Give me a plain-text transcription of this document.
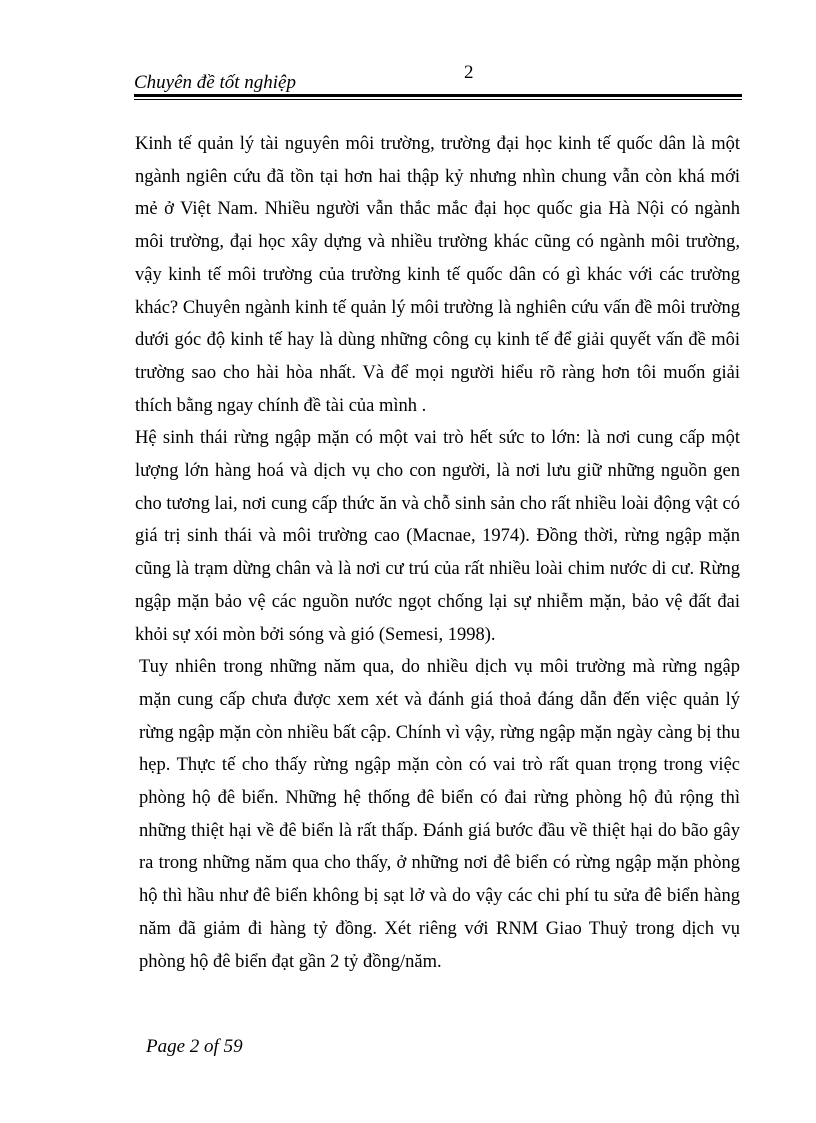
Chuyên đề tốt nghiệp	2

Kinh tế quản lý tài nguyên môi trường, trường đại học kinh tế quốc dân là một ngành ngiên cứu đã tồn tại hơn hai thập kỷ nhưng nhìn chung vẫn còn khá mới mẻ ở Việt Nam. Nhiều người vẫn thắc mắc đại học quốc gia Hà Nội có ngành môi trường, đại học xây dựng và nhiều trường khác cũng có ngành môi trường, vậy kinh tế môi trường của trường kinh tế quốc dân có gì khác với các trường khác? Chuyên ngành kinh tế quản lý môi trường là nghiên cứu vấn đề môi trường dưới góc độ kinh tế hay là dùng những công cụ kinh tế để giải quyết vấn đề môi trường sao cho hài hòa nhất. Và để mọi người hiểu rõ ràng hơn tôi muốn giải thích bằng ngay chính đề tài của mình .

Hệ sinh thái rừng ngập mặn có một vai trò hết sức to lớn: là nơi cung cấp một lượng lớn hàng hoá và dịch vụ cho con người, là nơi lưu giữ những nguồn gen cho tương lai, nơi cung cấp thức ăn và chỗ sinh sản cho rất nhiều loài động vật có giá trị sinh thái và môi trường cao (Macnae, 1974). Đồng thời, rừng ngập mặn cũng là trạm dừng chân và là nơi cư trú của rất nhiều loài chim nước di cư. Rừng ngập mặn bảo vệ các nguồn nước ngọt chống lại sự nhiễm mặn, bảo vệ đất đai khỏi sự xói mòn bởi sóng và gió (Semesi, 1998).

Tuy nhiên trong những năm qua, do nhiều dịch vụ môi trường mà rừng ngập mặn cung cấp chưa được xem xét và đánh giá thoả đáng dẫn đến việc quản lý rừng ngập mặn còn nhiều bất cập. Chính vì vậy, rừng ngập mặn ngày càng bị thu hẹp. Thực tế cho thấy rừng ngập mặn còn có vai trò rất quan trọng trong việc phòng hộ đê biển. Những hệ thống đê biển có đai rừng phòng hộ đủ rộng thì những thiệt hại về đê biển là rất thấp. Đánh giá bước đầu về thiệt hại do bão gây ra trong những năm qua cho thấy, ở những nơi đê biển có rừng ngập mặn phòng hộ thì hầu như đê biển không bị sạt lở và do vậy các chi phí tu sửa đê biển hàng năm đã giảm đi hàng tỷ đồng. Xét riêng với RNM Giao Thuỷ trong dịch vụ phòng hộ đê biển đạt gần 2 tỷ đồng/năm.

Page 2 of 59
